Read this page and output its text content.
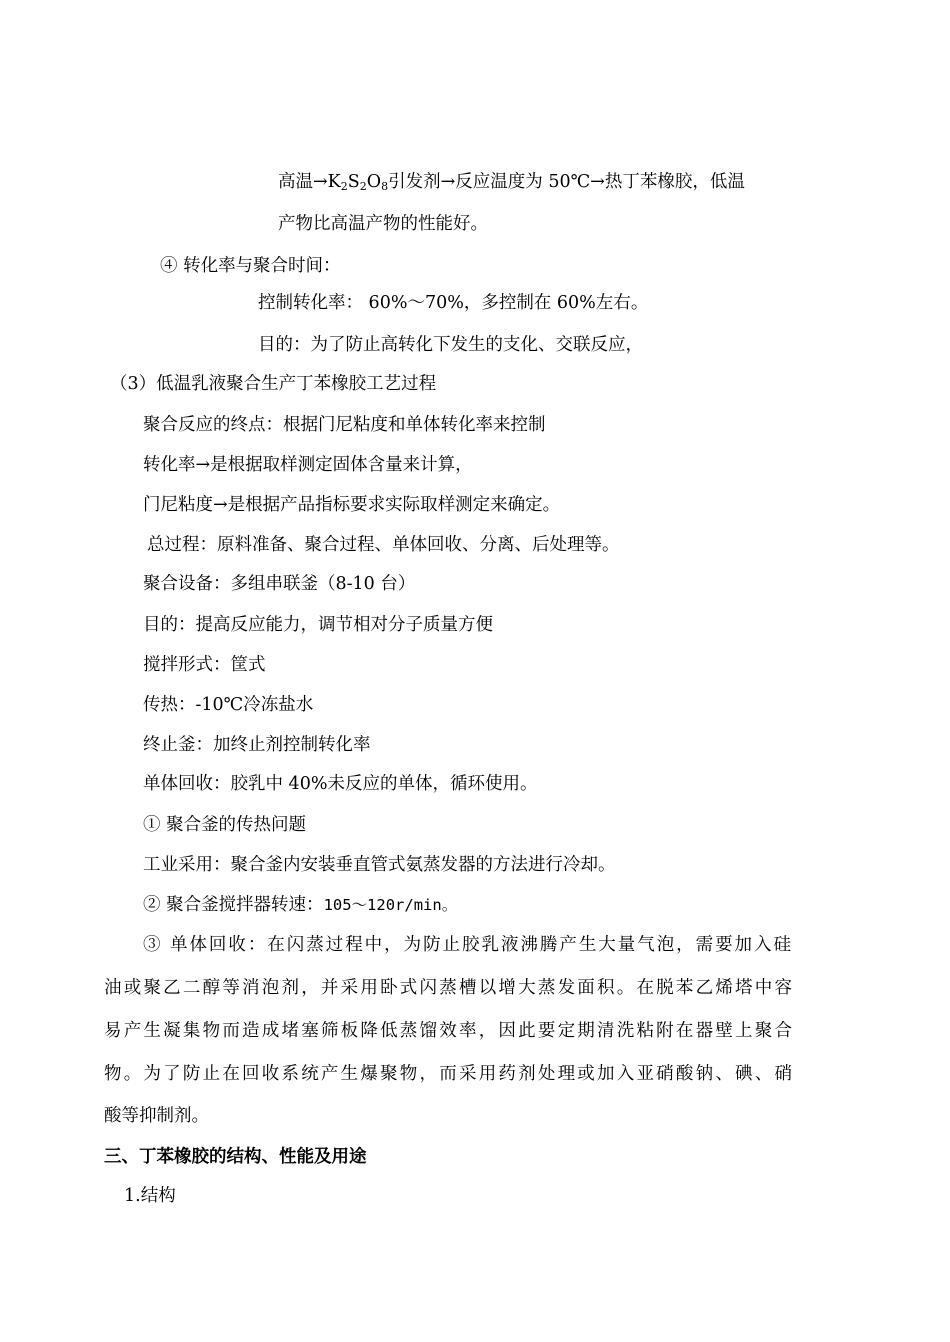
高温$\to K_2S_2O_8$引发剂→反应温度为 50℃→热丁苯橡胶，低温
产物比高温产物的性能好。
④ 转化率与聚合时间：
控制转化率： 60%～70%，多控制在 60%左右。
目的：为了防止高转化下发生的支化、交联反应，
（3）低温乳液聚合生产丁苯橡胶工艺过程
聚合反应的终点：根据门尼粘度和单体转化率来控制
转化率→是根据取样测定固体含量来计算，
门尼粘度→是根据产品指标要求实际取样测定来确定。
总过程：原料准备、聚合过程、单体回收、分离、后处理等。
聚合设备：多组串联釜（8-10 台）
目的：提高反应能力，调节相对分子质量方便
搅拌形式：筐式
传热：-10℃冷冻盐水
终止釜：加终止剂控制转化率
单体回收：胶乳中 40%未反应的单体，循环使用。
① 聚合釜的传热问题
工业采用：聚合釜内安装垂直管式氨蒸发器的方法进行冷却。
② 聚合釜搅拌器转速：105～120r/min。
③ 单体回收：在闪蒸过程中，为防止胶乳液沸腾产生大量气泡，需要加入硅
油或聚乙二醇等消泡剂，并采用卧式闪蒸槽以增大蒸发面积。在脱苯乙烯塔中容
易产生凝集物而造成堵塞筛板降低蒸馏效率，因此要定期清洗粘附在器壁上聚合
物。为了防止在回收系统产生爆聚物，而采用药剂处理或加入亚硝酸钠、碘、硝
酸等抑制剂。
三、丁苯橡胶的结构、性能及用途
1.结构
